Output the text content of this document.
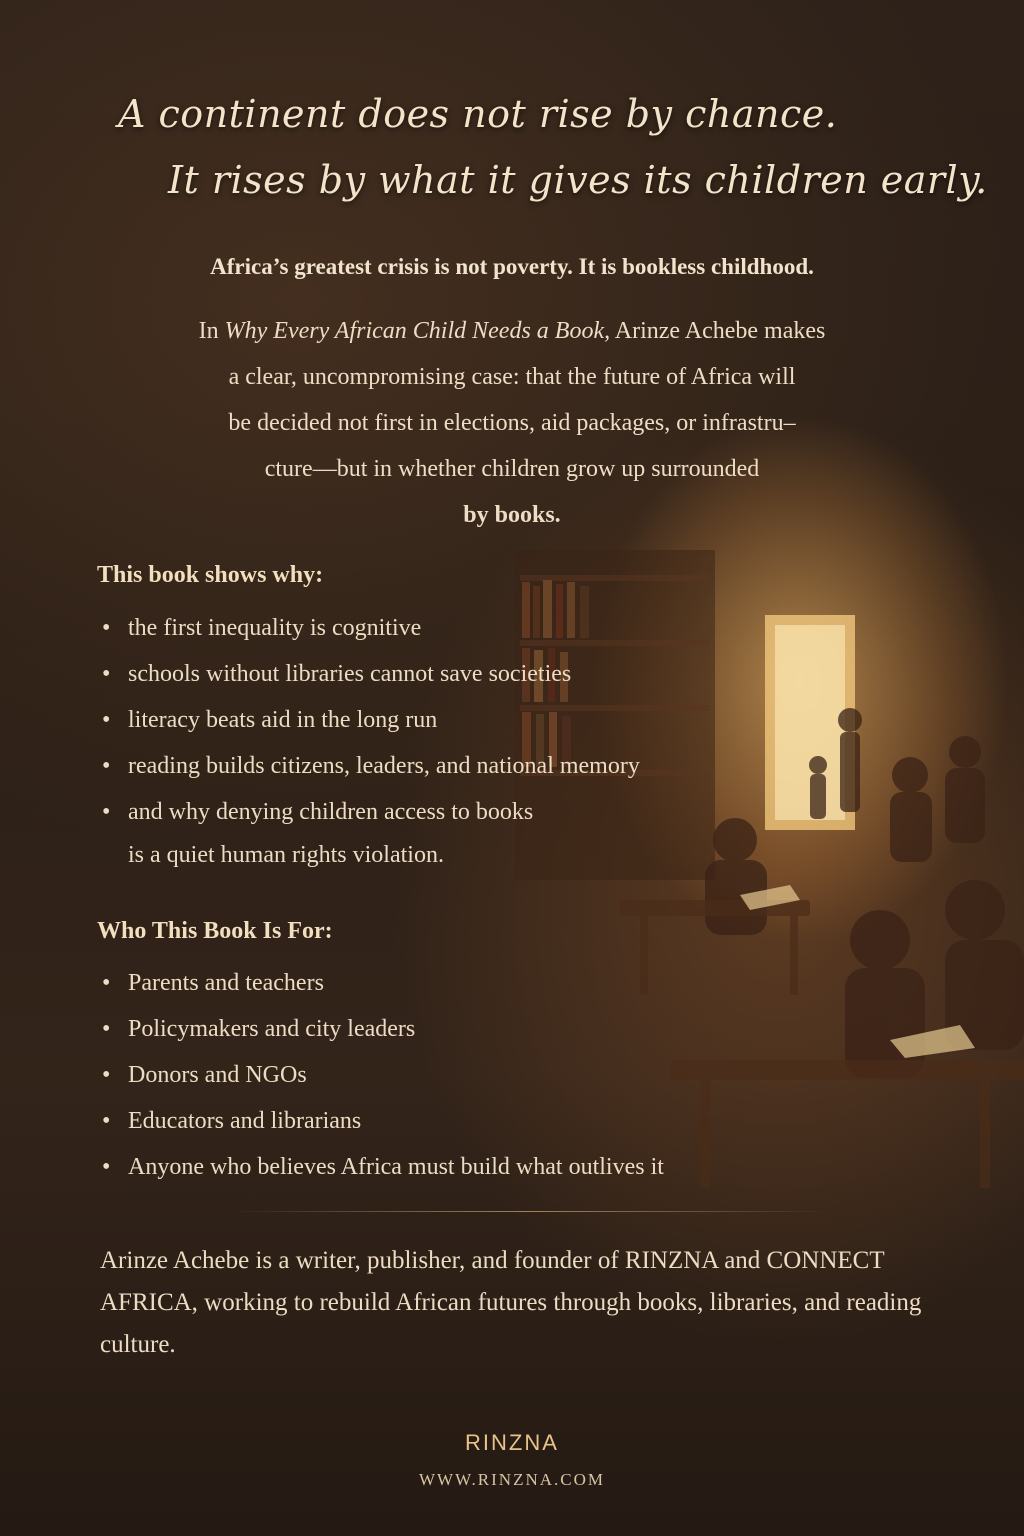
A continent does not rise by chance.
It rises by what it gives its children early.
Africa’s greatest crisis is not poverty. It is bookless childhood.
In Why Every African Child Needs a Book, Arinze Achebe makes
a clear, uncompromising case: that the future of Africa will
be decided not first in elections, aid packages, or infrastru–
cture—but in whether children grow up surrounded
by books.
This book shows why:
• the first inequality is cognitive
• schools without libraries cannot save societies
• literacy beats aid in the long run
• reading builds citizens, leaders, and national memory
• and why denying children access to books
is a quiet human rights violation.
Who This Book Is For:
• Parents and teachers
• Policymakers and city leaders
• Donors and NGOs
• Educators and librarians
• Anyone who believes Africa must build what outlives it
Arinze Achebe is a writer, publisher, and founder of RINZNA and CONNECT AFRICA, working to rebuild African futures through books, libraries, and reading culture.
RINZNA
WWW.RINZNA.COM
